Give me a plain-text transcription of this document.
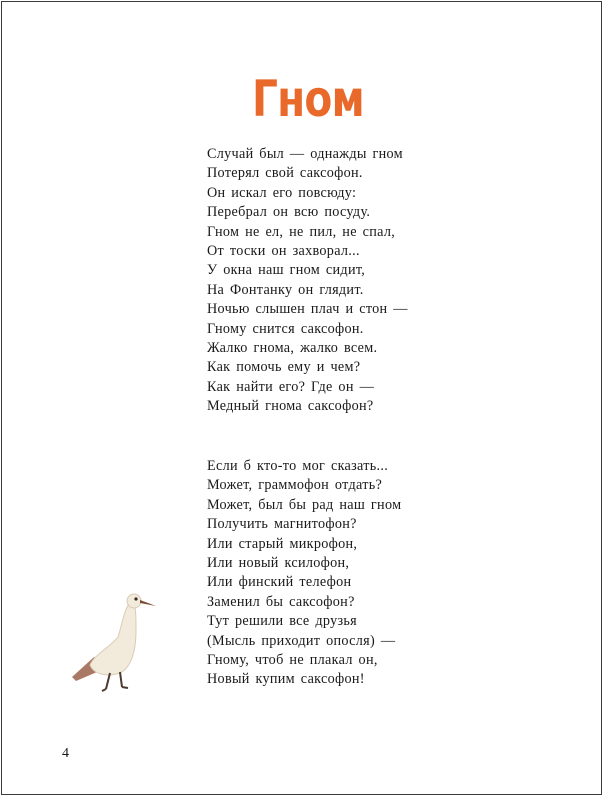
Гном
Случай был — однажды гном
Потерял свой саксофон.
Он искал его повсюду:
Перебрал он всю посуду.
Гном не ел, не пил, не спал,
От тоски он захворал...
У окна наш гном сидит,
На Фонтанку он глядит.
Ночью слышен плач и стон —
Гному снится саксофон.
Жалко гнома, жалко всем.
Как помочь ему и чем?
Как найти его? Где он —
Медный гнома саксофон?
Если б кто-то мог сказать...
Может, граммофон отдать?
Может, был бы рад наш гном
Получить магнитофон?
Или старый микрофон,
Или новый ксилофон,
Или финский телефон
Заменил бы саксофон?
Тут решили все друзья
(Мысль приходит опосля) —
Гному, чтоб не плакал он,
Новый купим саксофон!
4
